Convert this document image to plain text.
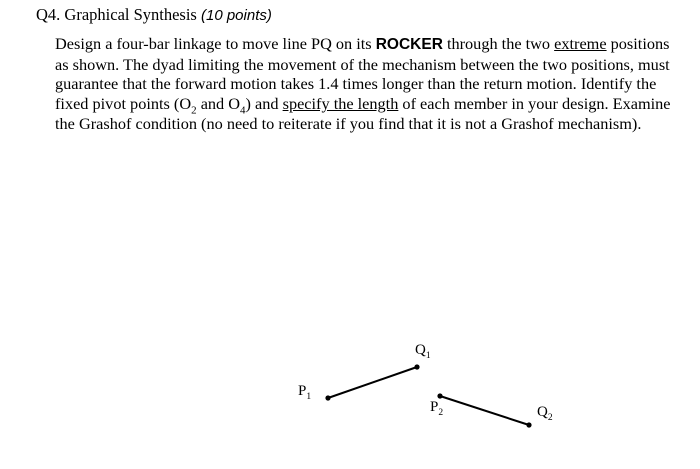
Q4. Graphical Synthesis (10 points)
Design a four-bar linkage to move line PQ on its ROCKER through the two extreme positions
as shown. The dyad limiting the movement of the mechanism between the two positions, must
guarantee that the forward motion takes 1.4 times longer than the return motion. Identify the
fixed pivot points ($O_2$ and $O_4$) and specify the length of each member in your design. Examine
the Grashof condition (no need to reiterate if you find that it is not a Grashof mechanism).
$P_1$
$Q_1$
$P_2$	$Q_2$
